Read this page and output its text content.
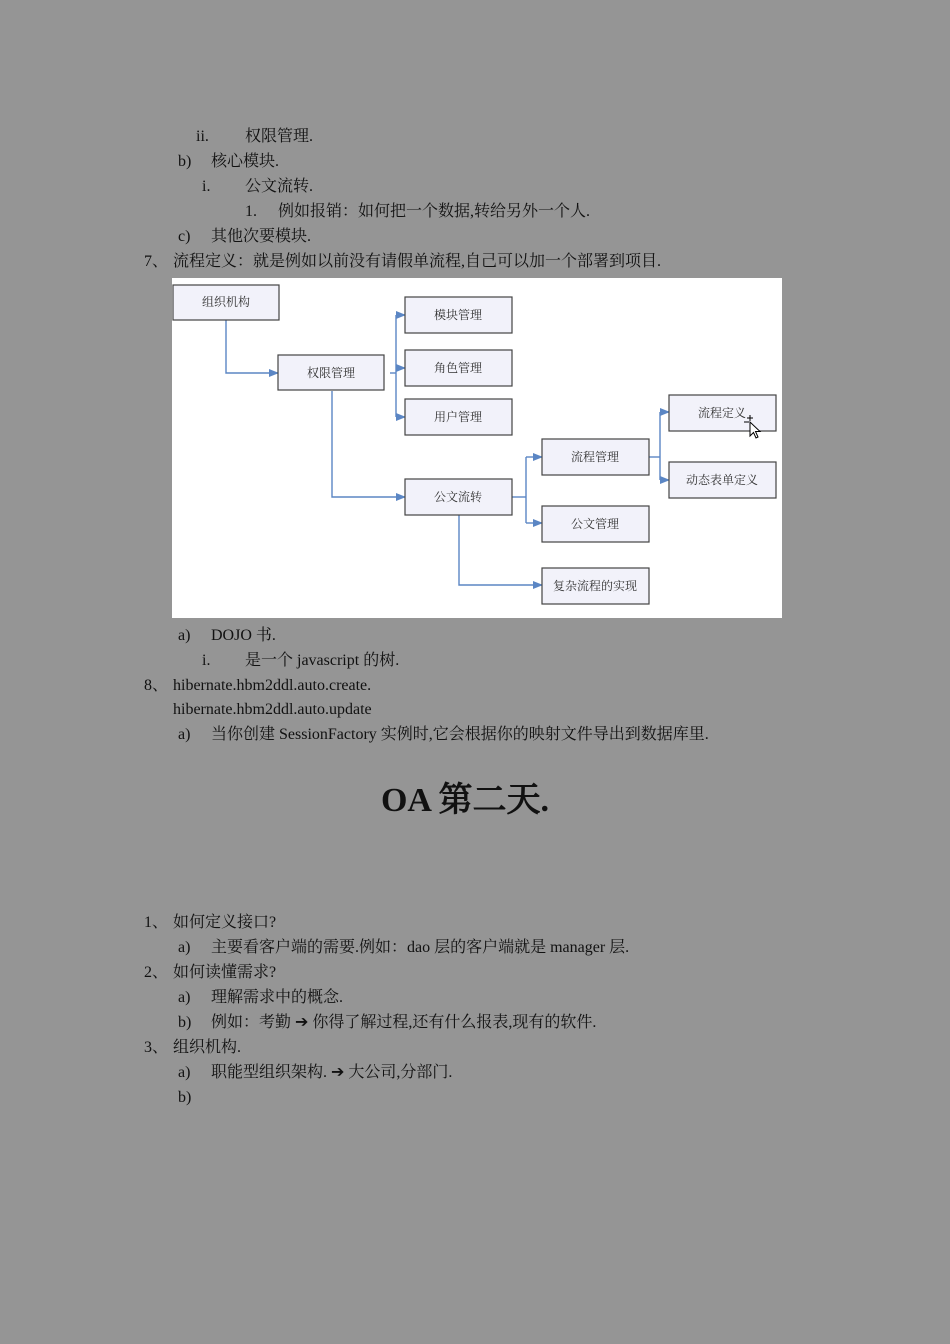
ii. 权限管理.
b) 核心模块.
i. 公文流转.
1. 例如报销：如何把一个数据,转给另外一个人.
c) 其他次要模块.
7、 流程定义：就是例如以前没有请假单流程,自己可以加一个部署到项目.
组织机构
权限管理
模块管理
角色管理
用户管理
公文流转
流程管理
公文管理
复杂流程的实现
流程定义
动态表单定义
a) DOJO 书.
i. 是一个 javascript 的树.
8、 hibernate.hbm2ddl.auto.create.
hibernate.hbm2ddl.auto.update
a) 当你创建 SessionFactory 实例时,它会根据你的映射文件导出到数据库里.
OA 第二天.
1、 如何定义接口?
a) 主要看客户端的需要.例如：dao 层的客户端就是 manager 层.
2、 如何读懂需求?
a) 理解需求中的概念.
b) 例如：考勤 ➔ 你得了解过程,还有什么报表,现有的软件.
3、 组织机构.
a) 职能型组织架构. ➔ 大公司,分部门.
b)
